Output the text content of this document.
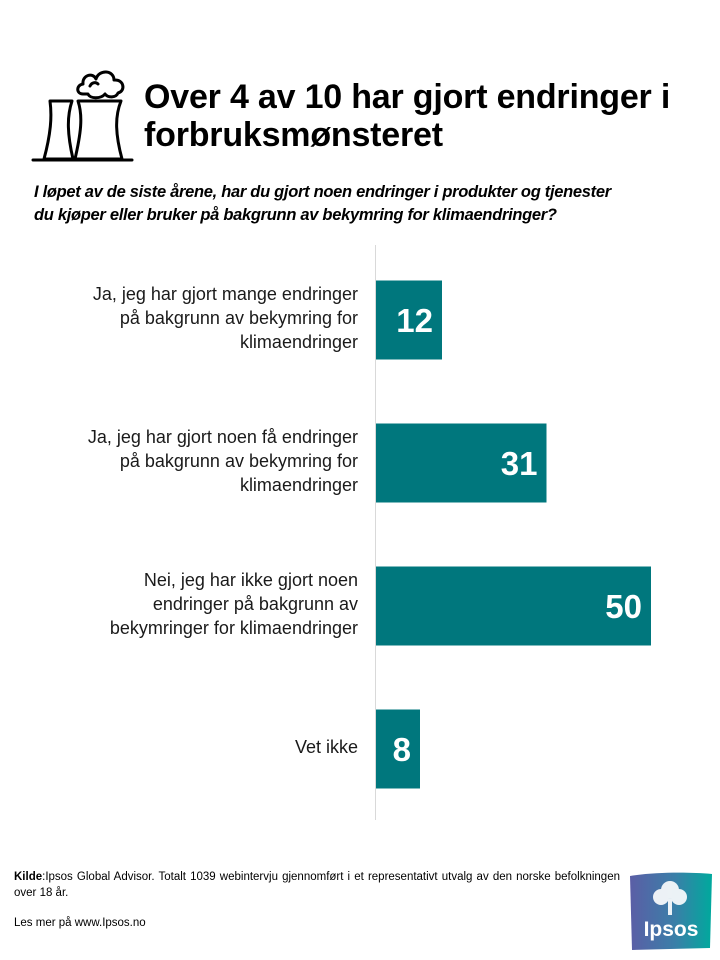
Over 4 av 10 har gjort endringer i forbruksmønsteret
I løpet av de siste årene, har du gjort noen endringer i produkter og tjenester
du kjøper eller bruker på bakgrunn av bekymring for klimaendringer?
Ja, jeg har gjort mange endringer
på bakgrunn av bekymring for
klimaendringer
Ja, jeg har gjort noen få endringer
på bakgrunn av bekymring for
klimaendringer
Nei, jeg har ikke gjort noen
endringer på bakgrunn av
bekymringer for klimaendringer
Vet ikke
12
31
50
8
Kilde:Ipsos Global Advisor. Totalt 1039 webintervju gjennomført i et representativt utvalg av den norske befolkningen over 18 år.
Les mer på www.Ipsos.no	Ipsos
